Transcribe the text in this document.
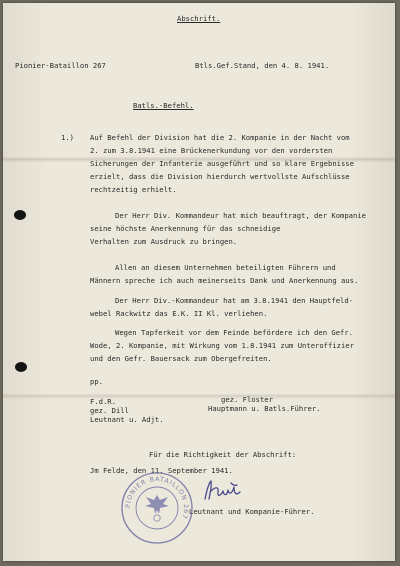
Abschrift.
Pionier-Bataillon 267	Btls.Gef.Stand, den 4. 8. 1941.
Batls.-Befehl.
1.) Auf Befehl der Division hat die 2. Kompanie in der Nacht vom
2. zum 3.8.1941 eine Brückenerkundung vor den vordersten
Sicherungen der Infanterie ausgeführt und so klare Ergebnisse
erzielt, dass die Division hierdurch wertvollste Aufschlüsse
rechtzeitig erhielt.
Der Herr Div. Kommandeur hat mich beauftragt, der Kompanie
seine höchste Anerkennung für das schneidige
Verhalten zum Ausdruck zu bringen.
Allen an diesem Unternehmen beteiligten Führern und
Männern spreche ich auch meinerseits Dank und Anerkennung aus.
Der Herr Div.-Kommandeur hat am 3.8.1941 den Hauptfeld-
webel Rackwitz das E.K. II Kl. verliehen.
Wegen Tapferkeit vor dem Feinde befördere ich den Gefr.
Wode, 2. Kompanie, mit Wirkung vom 1.8.1941 zum Unteroffizier
und den Gefr. Bauersack zum Obergefreiten.
pp.
F.d.R.
gez. Dill
Leutnant u. Adjt.
gez. Floster
Hauptmann u. Batls.Führer.
Für die Richtigkeit der Abschrift:
Jm Felde, den 11. September 1941.
Leutnant und Kompanie-Führer.
PIONIER BATAILLON 267
